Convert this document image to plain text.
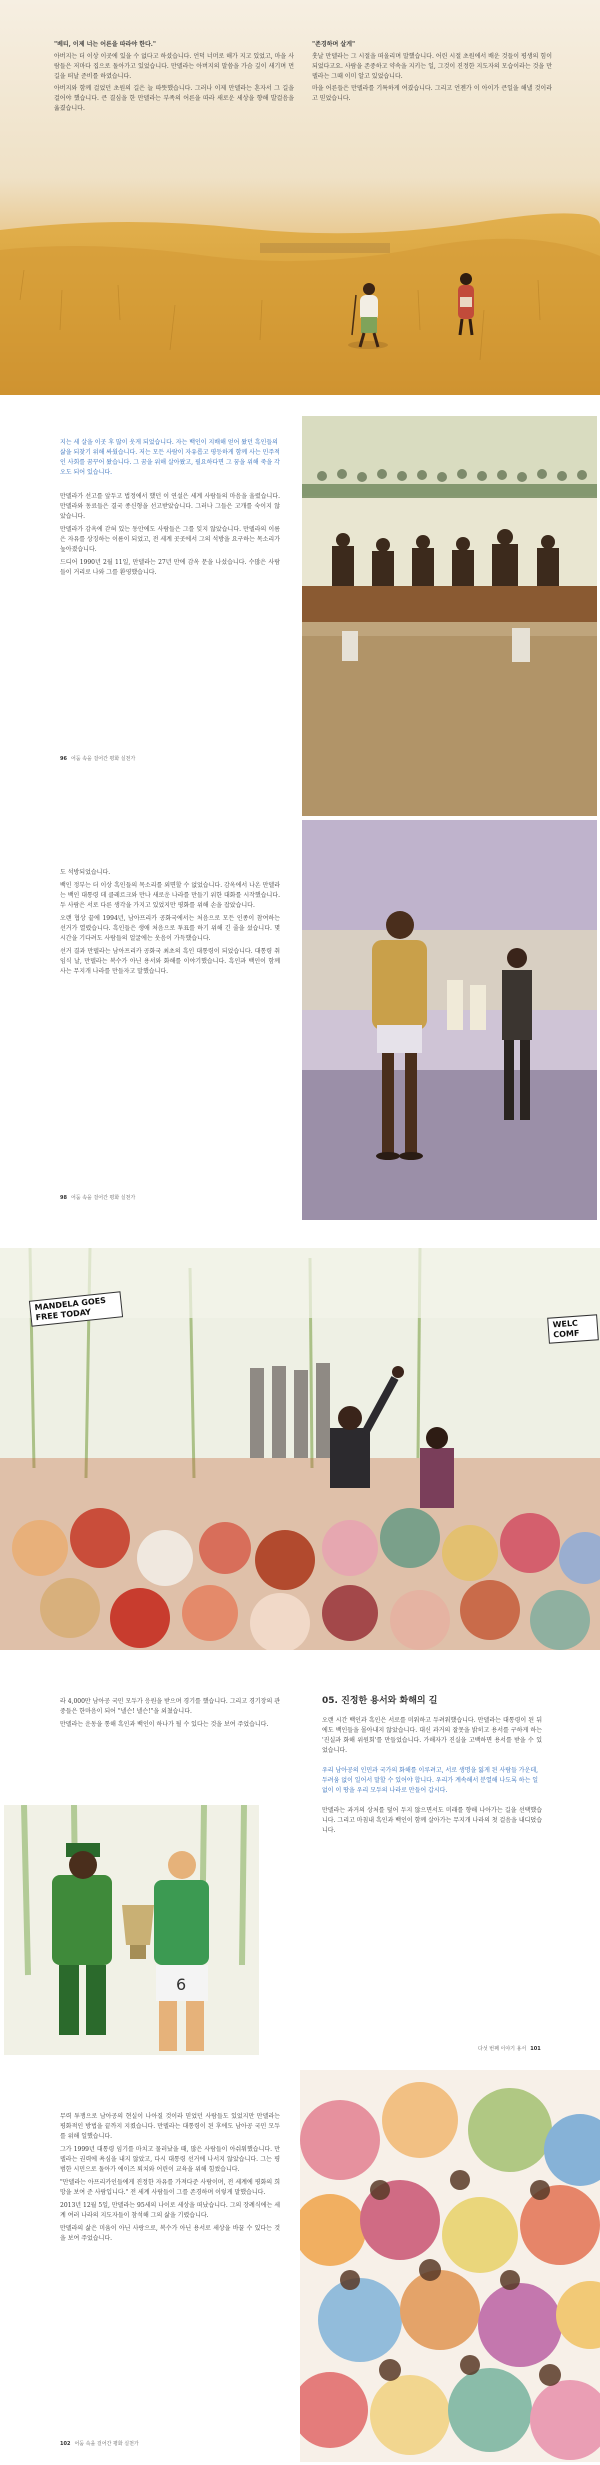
"베티, 이제 너는 어른을 따라야 한다."

아버지는 더 이상 이곳에 있을 수 없다고 하셨습니다. 언덕 너머로 해가 지고 있었고, 마을 사람들은 저마다 집으로 돌아가고 있었습니다. 만델라는 아버지의 말씀을 가슴 깊이 새기며 먼 길을 떠날 준비를 하였습니다.

아버지와 함께 걸었던 초원의 길은 늘 따뜻했습니다. 그러나 이제 만델라는 혼자서 그 길을 걸어야 했습니다. 큰 결심을 한 만델라는 부족의 어른을 따라 새로운 세상을 향해 발걸음을 옮겼습니다.

"존경하며 살게"

훗날 만델라는 그 시절을 떠올리며 말했습니다. 어린 시절 초원에서 배운 것들이 평생의 힘이 되었다고요. 사람을 존중하고 약속을 지키는 일, 그것이 진정한 지도자의 모습이라는 것을 만델라는 그때 이미 알고 있었습니다.

마을 어른들은 만델라를 기특하게 여겼습니다. 그리고 언젠가 이 아이가 큰일을 해낼 것이라고 믿었습니다.

지는 세 살을 이곳 후 많이 웃게 되었습니다. 자는 백인이 지배해 얻어 왔던 흑인들의 삶을 되찾기 위해 싸웠습니다. 저는 모든 사람이 자유롭고 평등하게 함께 사는 민주적인 사회를 꿈꾸어 왔습니다. 그 꿈을 위해 살아왔고, 필요하다면 그 꿈을 위해 죽을 각오도 되어 있습니다.

만델라가 선고를 앞두고 법정에서 했던 이 연설은 세계 사람들의 마음을 울렸습니다. 만델라와 동료들은 결국 종신형을 선고받았습니다. 그러나 그들은 고개를 숙이지 않았습니다.

만델라가 감옥에 갇혀 있는 동안에도 사람들은 그를 잊지 않았습니다. 만델라의 이름은 자유를 상징하는 이름이 되었고, 전 세계 곳곳에서 그의 석방을 요구하는 목소리가 높아졌습니다.

드디어 1990년 2월 11일, 만델라는 27년 만에 감옥 문을 나섰습니다. 수많은 사람들이 거리로 나와 그를 환영했습니다.

96 어둠 속을 걸어간 평화 실천가

도 석방되었습니다.

백인 정부는 더 이상 흑인들의 목소리를 외면할 수 없었습니다. 감옥에서 나온 만델라는 백인 대통령 데 클레르크와 만나 새로운 나라를 만들기 위한 대화를 시작했습니다. 두 사람은 서로 다른 생각을 가지고 있었지만 평화를 위해 손을 잡았습니다.

오랜 협상 끝에 1994년, 남아프리카 공화국에서는 처음으로 모든 인종이 참여하는 선거가 열렸습니다. 흑인들은 생애 처음으로 투표를 하기 위해 긴 줄을 섰습니다. 몇 시간을 기다려도 사람들의 얼굴에는 웃음이 가득했습니다.

선거 결과 만델라는 남아프리카 공화국 최초의 흑인 대통령이 되었습니다. 대통령 취임식 날, 만델라는 복수가 아닌 용서와 화해를 이야기했습니다. 흑인과 백인이 함께 사는 무지개 나라를 만들자고 말했습니다.

98 어둠 속을 걸어간 평화 실천가
MANDELA GOES FREE TODAY
WELC
COMF

라 4,000만 남아공 국민 모두가 응원을 받으며 경기를 했습니다. 그리고 경기장의 관중들은 한마음이 되어 "넬슨! 넬슨!"을 외쳤습니다.

만델라는 운동을 통해 흑인과 백인이 하나가 될 수 있다는 것을 보여 주었습니다.

6
05. 진정한 용서와 화해의 길

오랜 시간 백인과 흑인은 서로를 미워하고 두려워했습니다. 만델라는 대통령이 된 뒤에도 백인들을 몰아내지 않았습니다. 대신 과거의 잘못을 밝히고 용서를 구하게 하는 '진실과 화해 위원회'를 만들었습니다. 가해자가 진실을 고백하면 용서를 받을 수 있었습니다.

우리 남아공의 인민과 국가의 화해를 이루려고, 서로 생명을 잃게 된 사람들 가운데, 두려움 없이 일어서 말할 수 있어야 합니다. 우리가 계속해서 분열해 나도록 하는 일 없이 이 땅을 우리 모두의 나라로 만들어 갑시다.

만델라는 과거의 상처를 덮어 두지 않으면서도 미래를 향해 나아가는 길을 선택했습니다. 그리고 마침내 흑인과 백인이 함께 살아가는 무지개 나라의 첫 걸음을 내디뎠습니다.

다섯 번째 이야기 용서 101

무력 투쟁으로 남아공의 현실이 나아질 것이라 믿었던 사람들도 있었지만 만델라는 평화적인 방법을 끝까지 지켰습니다. 만델라는 대통령이 된 후에도 남아공 국민 모두를 위해 일했습니다.

그가 1999년 대통령 임기를 마치고 물러났을 때, 많은 사람들이 아쉬워했습니다. 만델라는 권력에 욕심을 내지 않았고, 다시 대통령 선거에 나서지 않았습니다. 그는 평범한 시민으로 돌아가 에이즈 퇴치와 어린이 교육을 위해 힘썼습니다.

"만델라는 아프리카인들에게 진정한 자유를 가져다준 사람이며, 전 세계에 평화의 희망을 보여 준 사람입니다." 전 세계 사람들이 그를 존경하며 이렇게 말했습니다.

2013년 12월 5일, 만델라는 95세의 나이로 세상을 떠났습니다. 그의 장례식에는 세계 여러 나라의 지도자들이 참석해 그의 삶을 기렸습니다.

만델라의 삶은 미움이 아닌 사랑으로, 복수가 아닌 용서로 세상을 바꿀 수 있다는 것을 보여 주었습니다.

102 어둠 속을 걸어간 평화 실천가
